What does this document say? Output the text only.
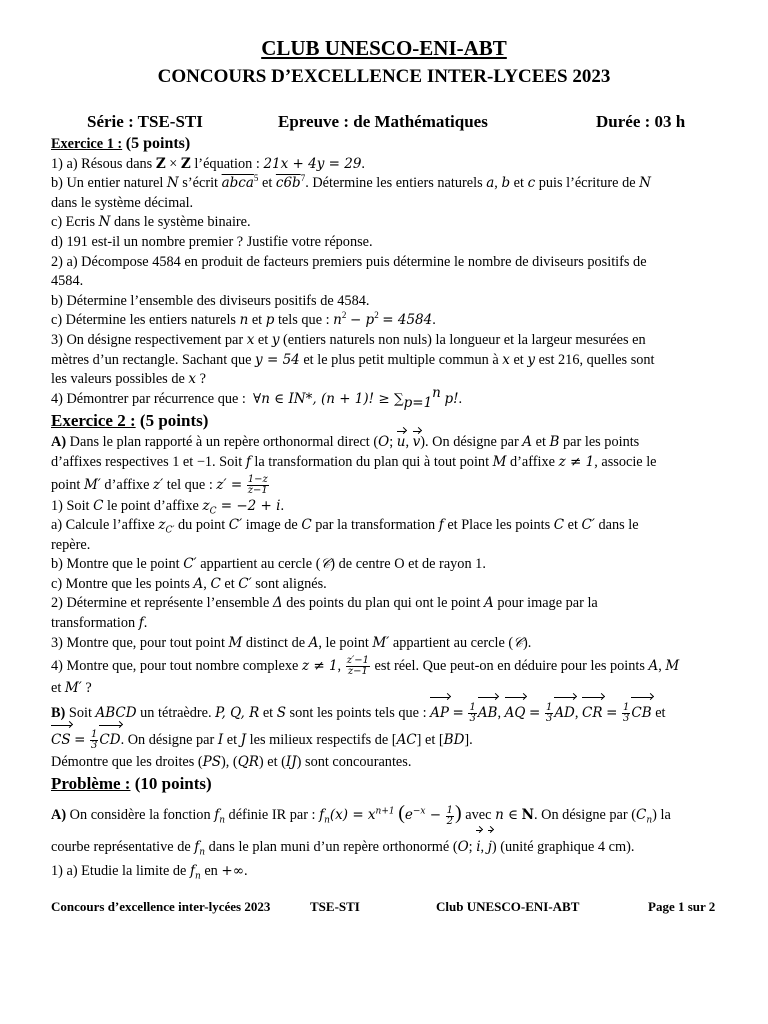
CLUB UNESCO-ENI-ABT
CONCOURS D’EXCELLENCE INTER-LYCEES 2023
Série : TSE-STI	Epreuve : de Mathématiques	Durée : 03 h
Exercice 1 : (5 points)
1) a) Résous dans Z × Z l’équation : 21x + 4y = 29.
b) Un entier naturel N s’écrit abca$^5$ et $c6b^7$. Détermine les entiers naturels a, b et c puis l’écriture de N
dans le système décimal.
c) Ecris N dans le système binaire.
d) 191 est-il un nombre premier ? Justifie votre réponse.
2) a) Décompose 4584 en produit de facteurs premiers puis détermine le nombre de diviseurs positifs de
4584.
b) Détermine l’ensemble des diviseurs positifs de 4584.
c) Détermine les entiers naturels n et p tels que : $n^2 - p^2 = 4584$.
3) On désigne respectivement par x et y (entiers naturels non nuls) la longueur et la largeur mesurées en
mètres d’un rectangle. Sachant que y = 54 et le plus petit multiple commun à x et y est 216, quelles sont
les valeurs possibles de x ?
4) Démontrer par récurrence que :  ∀n ∈ IN*, (n + 1)! ≥ $\sum_{p=1}^n$ p!.
Exercice 2 : (5 points)
A) Dans le plan rapporté à un repère orthonormal direct (O; u, v). On désigne par A et B par les points
d’affixes respectives 1 et −1. Soit f la transformation du plan qui à tout point M d’affixe z ≠ 1, associe le
point M′ d’affixe z′ tel que : $z' = \frac{1-z}{z̄-1}$
1) Soit C le point d’affixe $z_C = -2 + i$.
a) Calcule l’affixe $z_{C'}$ du point C′ image de C par la transformation f et Place les points C et C′ dans le
repère.
b) Montre que le point C′ appartient au cercle (𝒞) de centre O et de rayon 1.
c) Montre que les points A, C et C′ sont alignés.
2) Détermine et représente l’ensemble Δ des points du plan qui ont le point A pour image par la
transformation f.
3) Montre que, pour tout point M distinct de A, le point M′ appartient au cercle (𝒞).
4) Montre que, pour tout nombre complexe z ≠ 1, $\frac{z'-1}{z-1}$ est réel. Que peut-on en déduire pour les points A, M
et M′ ?
B) Soit ABCD un tétraèdre. P, Q, R et S sont les points tels que : AP = $\frac{1}{3}$ AB, AQ = $\frac{1}{3}$ AD, CR = $\frac{1}{3}$ CB et
CS = $\frac{1}{3}$ CD. On désigne par I et J les milieux respectifs de [AC] et [BD].
Démontre que les droites (PS), (QR) et (IJ) sont concourantes.
Problème : (10 points)
A) On considère la fonction $f_n$ définie IR par : $f_n(x) = x^{n+1}$ ($e^{-x} - \frac{1}{2}$ ) avec n ∈ N. On désigne par $(C_n)$ la
courbe représentative de $f_n$ dans le plan muni d’un repère orthonormé (O; i, j) (unité graphique 4 cm).
1) a) Etudie la limite de $f_n$ en +∞.
Concours d’excellence inter-lycées 2023	TSE-STI	Club UNESCO-ENI-ABT	Page 1 sur 2
